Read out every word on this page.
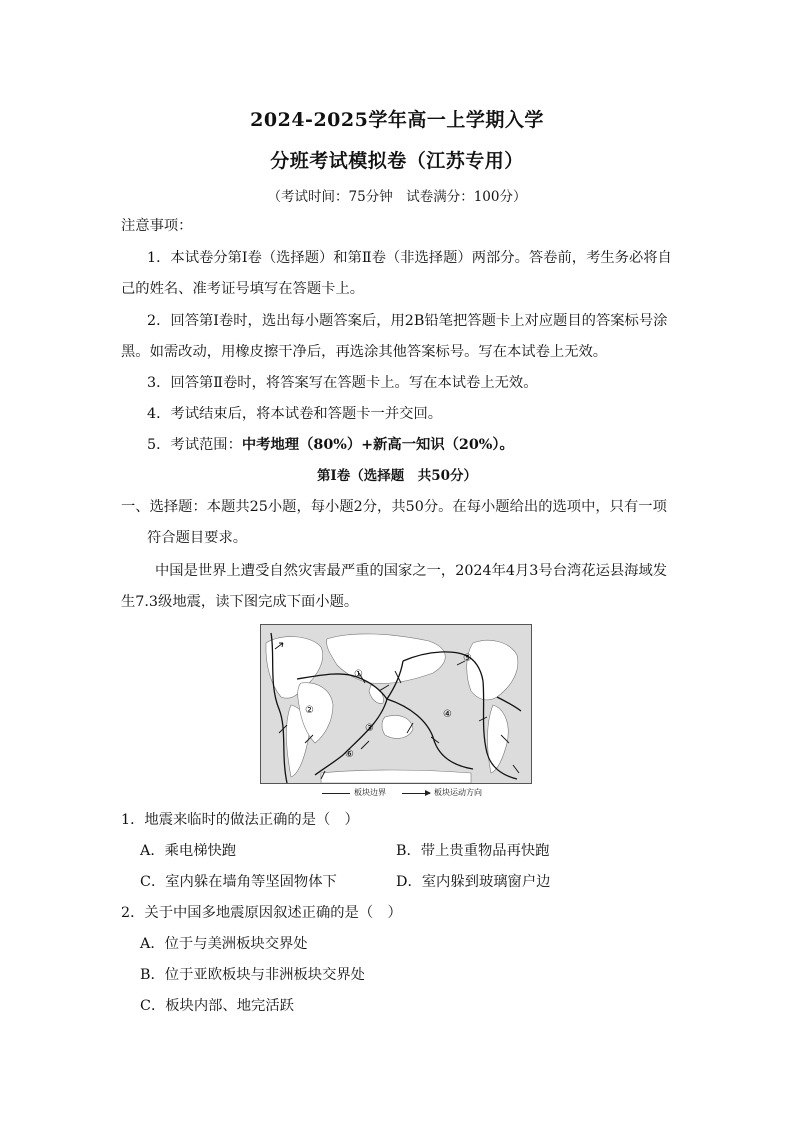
2024-2025学年高一上学期入学
分班考试模拟卷（江苏专用）
（考试时间：75分钟　试卷满分：100分）
注意事项：
1．本试卷分第Ⅰ卷（选择题）和第Ⅱ卷（非选择题）两部分。答卷前，考生务必将自
己的姓名、准考证号填写在答题卡上。
2．回答第Ⅰ卷时，选出每小题答案后，用2B铅笔把答题卡上对应题目的答案标号涂
黑。如需改动，用橡皮擦干净后，再选涂其他答案标号。写在本试卷上无效。
3．回答第Ⅱ卷时，将答案写在答题卡上。写在本试卷上无效。
4．考试结束后，将本试卷和答题卡一并交回。
5．考试范围：中考地理（80%）+新高一知识（20%）。
第Ⅰ卷（选择题　共50分）
一、选择题：本题共25小题，每小题2分，共50分。在每小题给出的选项中，只有一项
符合题目要求。
中国是世界上遭受自然灾害最严重的国家之一，2024年4月3号台湾花运县海域发
生7.3级地震，读下图完成下面小题。
①
②
③
④
⑤
⑥
板块边界	板块运动方向
1．地震来临时的做法正确的是（　）
A．乘电梯快跑	B．带上贵重物品再快跑
C．室内躲在墙角等坚固物体下	D．室内躲到玻璃窗户边
2．关于中国多地震原因叙述正确的是（　）
A．位于与美洲板块交界处
B．位于亚欧板块与非洲板块交界处
C．板块内部、地完活跃
